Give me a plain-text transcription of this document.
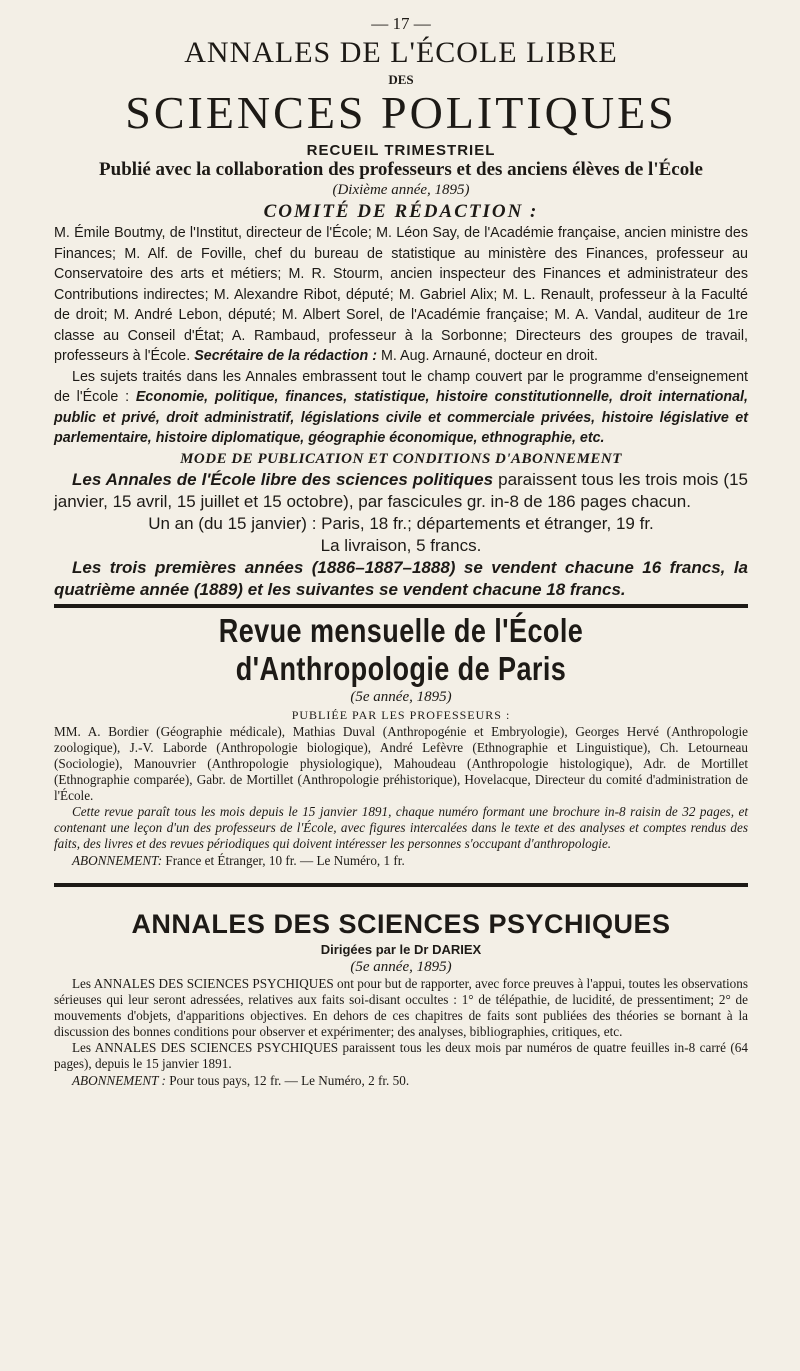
— 17 —
ANNALES DE L'ÉCOLE LIBRE
DES
SCIENCES POLITIQUES
RECUEIL TRIMESTRIEL
Publié avec la collaboration des professeurs et des anciens élèves de l'École
(Dixième année, 1895)
COMITÉ DE RÉDACTION :

M. Émile Boutmy, de l'Institut, directeur de l'École; M. Léon Say, de l'Académie française, ancien ministre des Finances; M. Alf. de Foville, chef du bureau de statistique au ministère des Finances, professeur au Conservatoire des arts et métiers; M. R. Stourm, ancien inspecteur des Finances et administrateur des Contributions indirectes; M. Alexandre Ribot, député; M. Gabriel Alix; M. L. Renault, professeur à la Faculté de droit; M. André Lebon, député; M. Albert Sorel, de l'Académie française; M. A. Vandal, auditeur de 1re classe au Conseil d'État; A. Rambaud, professeur à la Sorbonne; Directeurs des groupes de travail, professeurs à l'École. Secrétaire de la rédaction : M. Aug. Arnauné, docteur en droit.

Les sujets traités dans les Annales embrassent tout le champ couvert par le programme d'enseignement de l'École : Economie, politique, finances, statistique, histoire constitutionnelle, droit international, public et privé, droit administratif, législations civile et commerciale privées, histoire législative et parlementaire, histoire diplomatique, géographie économique, ethnographie, etc.

MODE DE PUBLICATION ET CONDITIONS D'ABONNEMENT

Les Annales de l'École libre des sciences politiques paraissent tous les trois mois (15 janvier, 15 avril, 15 juillet et 15 octobre), par fascicules gr. in-8 de 186 pages chacun.

Un an (du 15 janvier) : Paris, 18 fr.; départements et étranger, 19 fr.
La livraison, 5 francs.

Les trois premières années (1886–1887–1888) se vendent chacune 16 francs, la quatrième année (1889) et les suivantes se vendent chacune 18 francs.

Revue mensuelle de l'École d'Anthropologie de Paris
(5e année, 1895)
PUBLIÉE PAR LES PROFESSEURS :

MM. A. Bordier (Géographie médicale), Mathias Duval (Anthropogénie et Embryologie), Georges Hervé (Anthropologie zoologique), J.-V. Laborde (Anthropologie biologique), André Lefèvre (Ethnographie et Linguistique), Ch. Letourneau (Sociologie), Manouvrier (Anthropologie physiologique), Mahoudeau (Anthropologie histologique), Adr. de Mortillet (Ethnographie comparée), Gabr. de Mortillet (Anthropologie préhistorique), Hovelacque, Directeur du comité d'administration de l'École.

Cette revue paraît tous les mois depuis le 15 janvier 1891, chaque numéro formant une brochure in-8 raisin de 32 pages, et contenant une leçon d'un des professeurs de l'École, avec figures intercalées dans le texte et des analyses et comptes rendus des faits, des livres et des revues périodiques qui doivent intéresser les personnes s'occupant d'anthropologie.

ABONNEMENT: France et Étranger, 10 fr. — Le Numéro, 1 fr.

ANNALES DES SCIENCES PSYCHIQUES
Dirigées par le Dr DARIEX
(5e année, 1895)

Les ANNALES DES SCIENCES PSYCHIQUES ont pour but de rapporter, avec force preuves à l'appui, toutes les observations sérieuses qui leur seront adressées, relatives aux faits soi-disant occultes : 1° de télépathie, de lucidité, de pressentiment; 2° de mouvements d'objets, d'apparitions objectives. En dehors de ces chapitres de faits sont publiées des théories se bornant à la discussion des bonnes conditions pour observer et expérimenter; des analyses, bibliographies, critiques, etc.

Les ANNALES DES SCIENCES PSYCHIQUES paraissent tous les deux mois par numéros de quatre feuilles in-8 carré (64 pages), depuis le 15 janvier 1891.

ABONNEMENT : Pour tous pays, 12 fr. — Le Numéro, 2 fr. 50.
